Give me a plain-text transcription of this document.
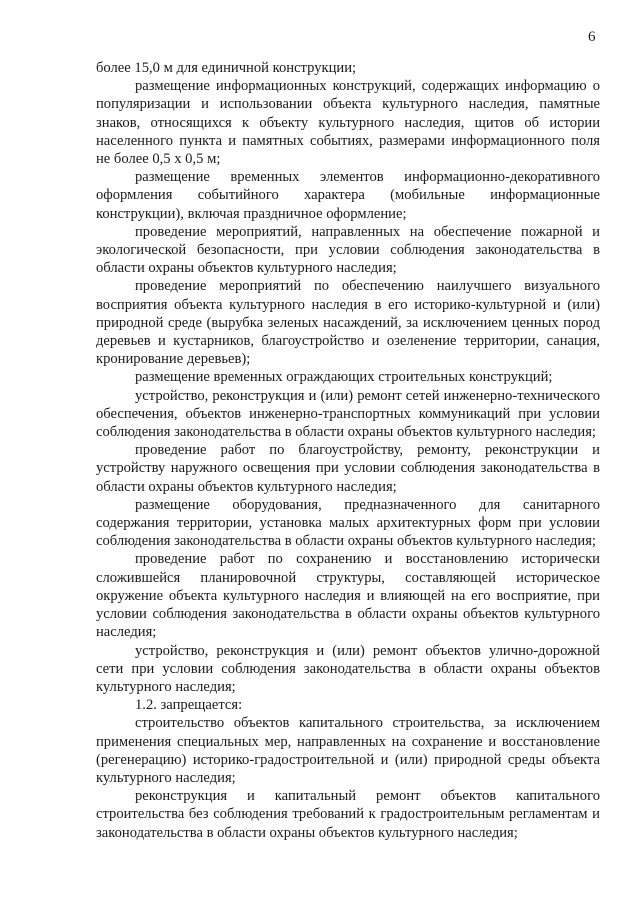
6

более 15,0 м для единичной конструкции;

размещение информационных конструкций, содержащих информацию о популяризации и использовании объекта культурного наследия, памятные знаков, относящихся к объекту культурного наследия, щитов об истории населенного пункта и памятных событиях, размерами информационного поля не более 0,5 х 0,5 м;

размещение временных элементов информационно-декоративного оформления событийного характера (мобильные информационные конструкции), включая праздничное оформление;

проведение мероприятий, направленных на обеспечение пожарной и экологической безопасности, при условии соблюдения законодательства в области охраны объектов культурного наследия;

проведение мероприятий по обеспечению наилучшего визуального восприятия объекта культурного наследия в его историко-культурной и (или) природной среде (вырубка зеленых насаждений, за исключением ценных пород деревьев и кустарников, благоустройство и озеленение территории, санация, кронирование деревьев);

размещение временных ограждающих строительных конструкций;

устройство, реконструкция и (или) ремонт сетей инженерно-технического обеспечения, объектов инженерно-транспортных коммуникаций при условии соблюдения законодательства в области охраны объектов культурного наследия;

проведение работ по благоустройству, ремонту, реконструкции и устройству наружного освещения при условии соблюдения законодательства в области охраны объектов культурного наследия;

размещение оборудования, предназначенного для санитарного содержания территории, установка малых архитектурных форм при условии соблюдения законодательства в области охраны объектов культурного наследия;

проведение работ по сохранению и восстановлению исторически сложившейся планировочной структуры, составляющей историческое окружение объекта культурного наследия и влияющей на его восприятие, при условии соблюдения законодательства в области охраны объектов культурного наследия;

устройство, реконструкция и (или) ремонт объектов улично-дорожной сети при условии соблюдения законодательства в области охраны объектов культурного наследия;

1.2. запрещается:

строительство объектов капитального строительства, за исключением применения специальных мер, направленных на сохранение и восстановление (регенерацию) историко-градостроительной и (или) природной среды объекта культурного наследия;

реконструкция и капитальный ремонт объектов капитального строительства без соблюдения требований к градостроительным регламентам и законодательства в области охраны объектов культурного наследия;
